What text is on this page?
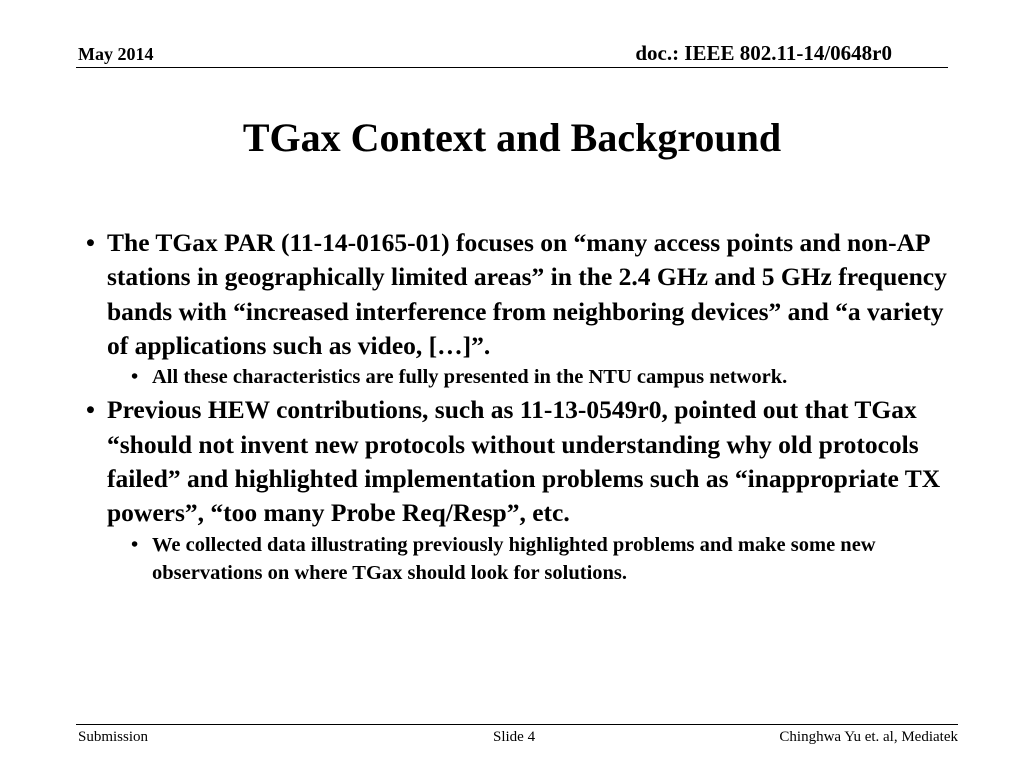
May 2014	doc.: IEEE 802.11-14/0648r0
TGax Context and Background
• The TGax PAR (11-14-0165-01) focuses on “many access points and non-AP stations in geographically limited areas” in the 2.4 GHz and 5 GHz frequency bands with “increased interference from neighboring devices” and “a variety of applications such as video, […]”.
• All these characteristics are fully presented in the NTU campus network.
• Previous HEW contributions, such as 11-13-0549r0, pointed out that TGax “should not invent new protocols without understanding why old protocols failed” and highlighted implementation problems such as “inappropriate TX powers”, “too many Probe Req/Resp”, etc.
• We collected data illustrating previously highlighted problems and make some new observations on where TGax should look for solutions.
Submission	Slide 4	Chinghwa Yu et. al, Mediatek
